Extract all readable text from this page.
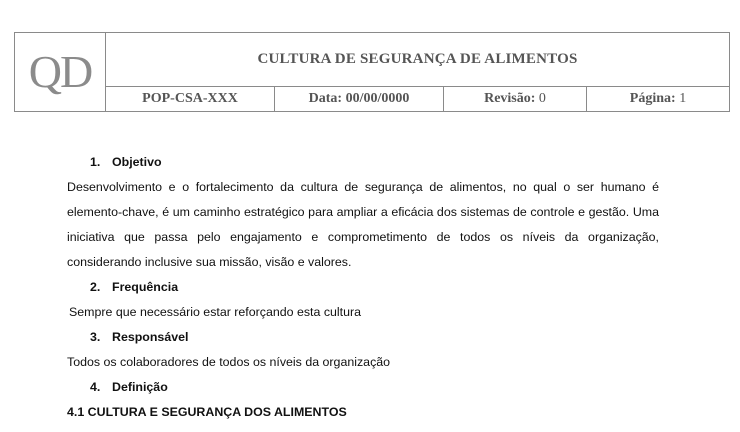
QD	CULTURA DE SEGURANÇA DE ALIMENTOS			
	POP-CSA-XXX	Data: 00/00/0000	Revisão: 0	Página: 1
1. Objetivo

Desenvolvimento e o fortalecimento da cultura de segurança de alimentos, no qual o ser humano é

elemento-chave, é um caminho estratégico para ampliar a eficácia dos sistemas de controle e gestão. Uma

iniciativa que passa pelo engajamento e comprometimento de todos os níveis da organização,

considerando inclusive sua missão, visão e valores.

2. Frequência
Sempre que necessário estar reforçando esta cultura
3. Responsável
Todos os colaboradores de todos os níveis da organização
4. Definição
4.1 CULTURA E SEGURANÇA DOS ALIMENTOS
